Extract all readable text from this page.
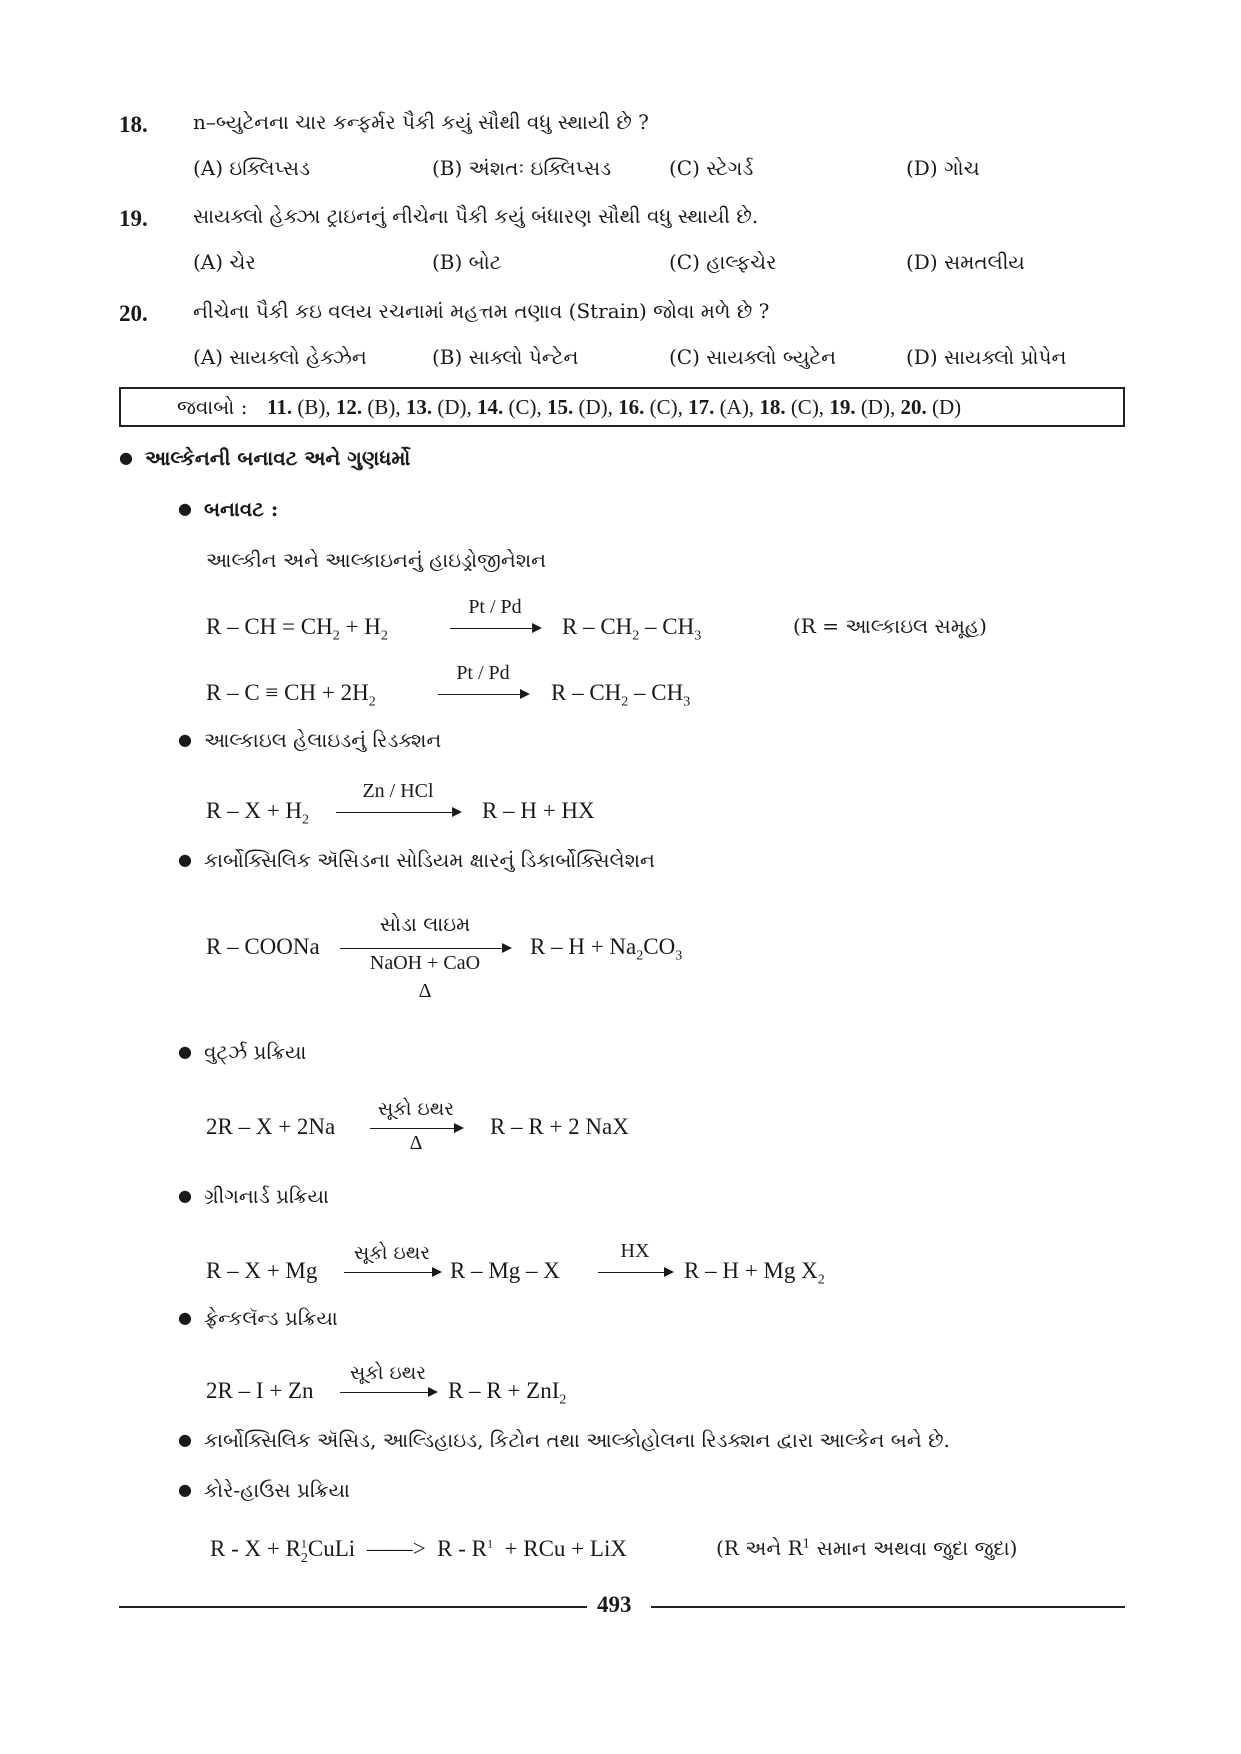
18. n–બ્યુટેનના ચાર કન્ફર્મર પૈકી કયું સૌથી વધુ સ્થાયી છે ?
(A) ઇક્લિપ્સડ	(B) અંશતઃ ઇક્લિપ્સડ	(C) સ્ટેગર્ડ	(D) ગોચ
19. સાયક્લો હેક્ઝા ટ્રાઇનનું નીચેના પૈકી કયું બંધારણ સૌથી વધુ સ્થાયી છે.
(A) ચેર	(B) બોટ	(C) હાલ્ફચેર	(D) સમતલીય
20. નીચેના પૈકી કઇ વલય રચનામાં મહત્તમ તણાવ (Strain) જોવા મળે છે ?
(A) સાયક્લો હેક્ઝેન	(B) સાક્લો પેન્ટેન	(C) સાયક્લો બ્યુટેન	(D) સાયક્લો પ્રોપેન
જવાબો : 11. (B), 12. (B), 13. (D), 14. (C), 15. (D), 16. (C), 17. (A), 18. (C), 19. (D), 20. (D)
● આલ્કેનની બનાવટ અને ગુણધર્મો
● બનાવટ :
આલ્કીન અને આલ્કાઇનનું હાઇડ્રોજીનેશન
R – CH = $CH_2 + H_2$
Pt / Pd
R – $CH_2 - CH_3$	(R = આલ્કાઇલ સમૂહ)
R – C ≡ CH + $2H_2$
Pt / Pd
R – $CH_2 - CH_3$
● આલ્કાઇલ હેલાઇડનું રિડક્શન
$R - X + H_2$
Zn / HCl
R – H + HX
● કાર્બોક્સિલિક ઍસિડના સોડિયમ ક્ષારનું ડિકાર્બોક્સિલેશન
R – COONa
સોડા લાઇમ
NaOH + CaO
Δ
$R - H + Na_2CO_3$
● વુર્ટ્ઝ પ્રક્રિયા
2R – X + 2Na
સૂકો ઇથર
Δ
R – R + 2 NaX
● ગ્રીગનાર્ડ પ્રક્રિયા
R – X + Mg
સૂકો ઇથર
R – Mg – X
HX
R – H + Mg $X_2$
● ફ્રેન્કલૅન્ડ પ્રક્રિયા
2R – I + Zn
સૂકો ઇથર
R – R + ZnI$_2$
● કાર્બોક્સિલિક ઍસિડ, આલ્ડિહાઇડ, કિટોન તથા આલ્કોહોલના રિડક્શન દ્વારા આલ્કેન બને છે.
● કોરે-હાઉસ પ્રક્રિયા
$R - X + R^1_2CuLi$  ——>  R - $R^1$  + RCu + LiX	(R અને $R^1$ સમાન અથવા જુદા જુદા)
493
